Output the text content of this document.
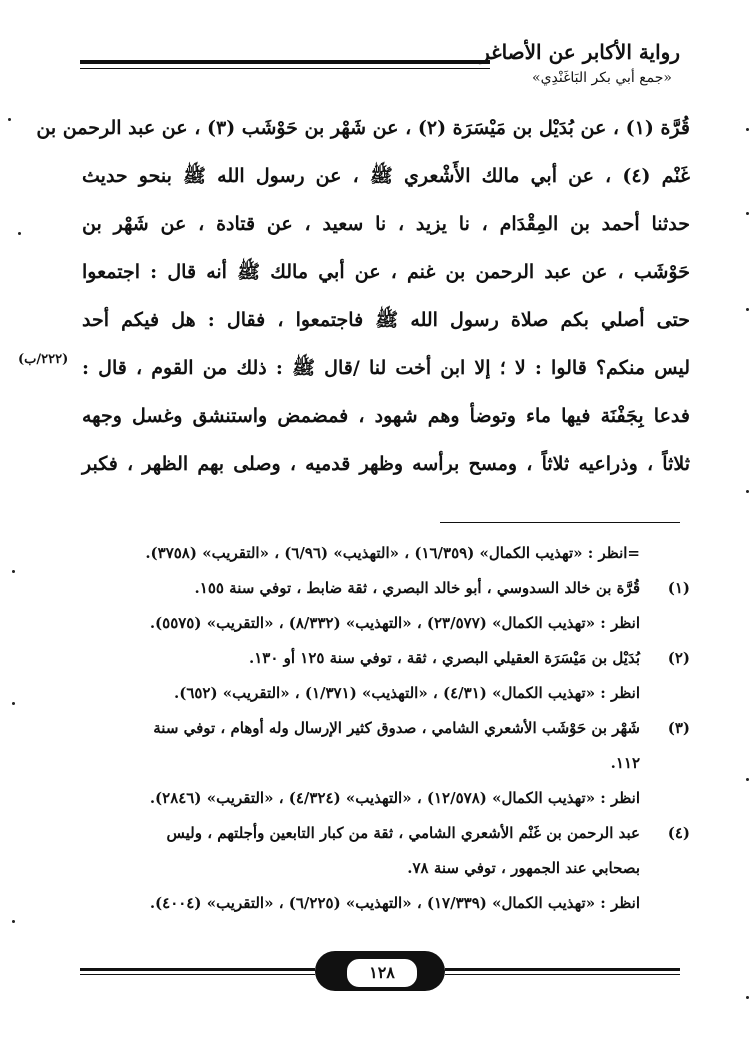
رواية الأكابر عن الأصاغر
«جمع أبي بكر البَاغَنْدِي»
قُرَّة (١) ، عن بُدَيْل بن مَيْسَرَة (٢) ، عن شَهْر بن حَوْشَب (٣) ، عن عبد الرحمن بن
غَنْم (٤) ، عن أبي مالك الأَشْعري ﷺ ، عن رسول الله ﷺ بنحو حديث
حدثنا أحمد بن المِقْدَام ، نا يزيد ، نا سعيد ، عن قتادة ، عن شَهْر بن
حَوْشَب ، عن عبد الرحمن بن غنم ، عن أبي مالك ﷺ أنه قال : اجتمعوا
حتى أصلي بكم صلاة رسول الله ﷺ فاجتمعوا ، فقال : هل فيكم أحد
ليس منكم؟ قالوا : لا ؛ إلا ابن أخت لنا /قال ﷺ : ذلك من القوم ، قال :
فدعا بِجَفْنَة فيها ماء وتوضأ وهم شهود ، فمضمض واستنشق وغسل وجهه
ثلاثاً ، وذراعيه ثلاثاً ، ومسح برأسه وظهر قدميه ، وصلى بهم الظهر ، فكبر
(٢٢٢/ب)
=انظر : «تهذيب الكمال» (١٦/٣٥٩) ، «التهذيب» (٦/٩٦) ، «التقريب» (٣٧٥٨).
(١)قُرَّة بن خالد السدوسي ، أبو خالد البصري ، ثقة ضابط ، توفي سنة ١٥٥.
انظر : «تهذيب الكمال» (٢٣/٥٧٧) ، «التهذيب» (٨/٣٣٢) ، «التقريب» (٥٥٧٥).
(٢)بُدَيْل بن مَيْسَرَة العقيلي البصري ، ثقة ، توفي سنة ١٢٥ أو ١٣٠.
انظر : «تهذيب الكمال» (٤/٣١) ، «التهذيب» (١/٣٧١) ، «التقريب» (٦٥٢).
(٣)شَهْر بن حَوْشَب الأشعري الشامي ، صدوق كثير الإرسال وله أوهام ، توفي سنة
١١٢.
انظر : «تهذيب الكمال» (١٢/٥٧٨) ، «التهذيب» (٤/٣٢٤) ، «التقريب» (٢٨٤٦).
(٤)عبد الرحمن بن غَنْم الأشعري الشامي ، ثقة من كبار التابعين وأجلتهم ، وليس
بصحابي عند الجمهور ، توفي سنة ٧٨.
انظر : «تهذيب الكمال» (١٧/٣٣٩) ، «التهذيب» (٦/٢٢٥) ، «التقريب» (٤٠٠٤).
١٢٨
